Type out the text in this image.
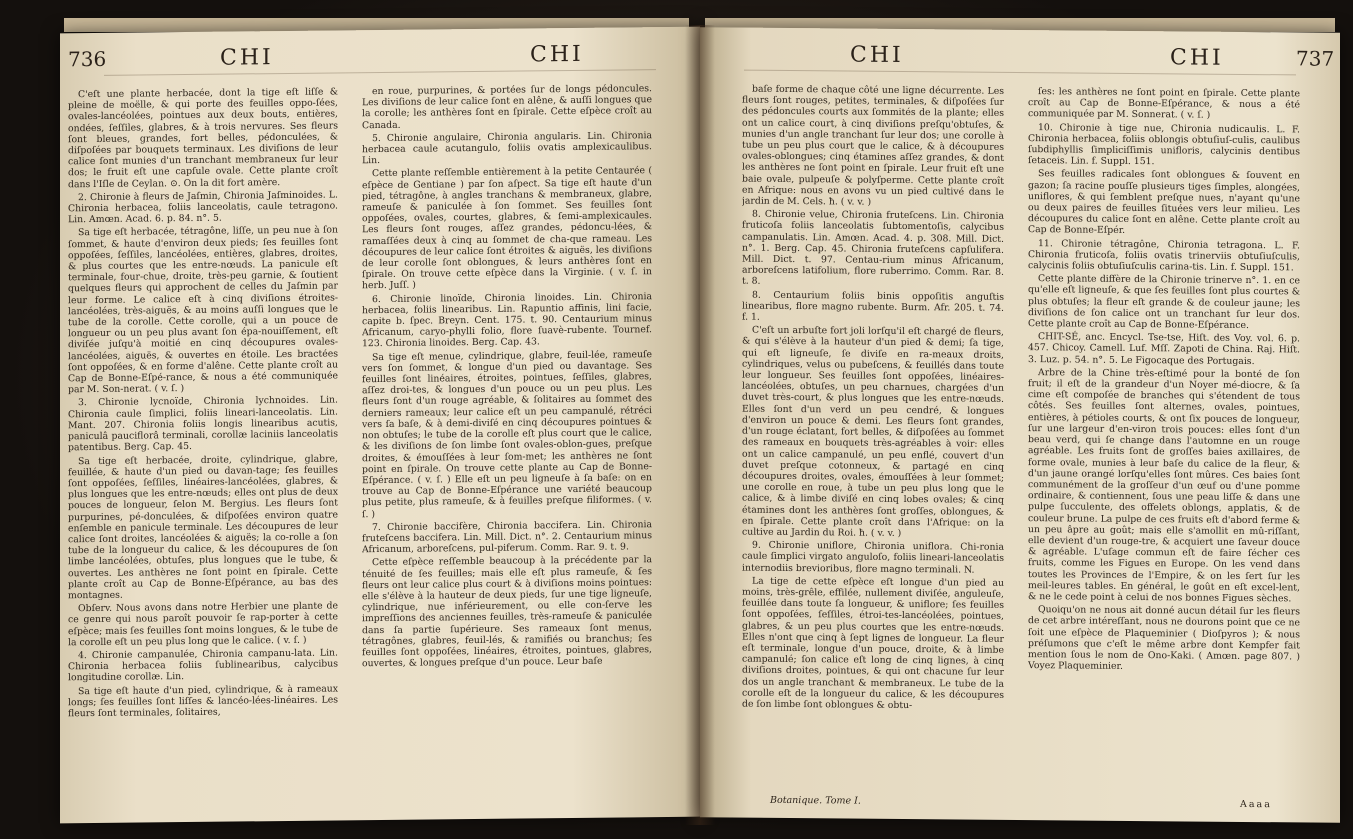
736	CHI	CHI

C'eſt une plante herbacée, dont la tige eſt liſſe & pleine de moëlle, & qui porte des feuilles oppo-ſées, ovales-lancéolées, pointues aux deux bouts, entières, ondées, ſeſſiles, glabres, & à trois nervures. Ses fleurs ſont bleues, grandes, fort belles, pédonculées, & diſpoſées par bouquets terminaux. Les diviſions de leur calice ſont munies d'un tranchant membraneux ſur leur dos; le fruit eſt une capſule ovale. Cette plante croît dans l'Iſle de Ceylan. ⊙. On la dit fort amère.

2. Chironie à fleurs de Jaſmin, Chironia Jaſminoides. L. Chironia herbacea, foliis lanceolatis, caule tetragono. Lin. Amœn. Acad. 6. p. 84. n°. 5.

Sa tige eſt herbacée, tétragône, liſſe, un peu nue à ſon ſommet, & haute d'environ deux pieds; ſes feuilles ſont oppoſées, ſeſſiles, lancéolées, entières, glabres, droites, & plus courtes que les entre-nœuds. La panicule eſt terminale, four-chue, droite, très-peu garnie, & ſoutient quelques fleurs qui approchent de celles du Jaſmin par leur forme. Le calice eſt à cinq diviſions étroites-lancéolées, très-aiguës, & au moins auſſi longues que le tube de la corolle. Cette corolle, qui a un pouce de longueur ou un peu plus avant ſon épa-nouiſſement, eſt diviſée juſqu'à moitié en cinq découpures ovales-lancéolées, aiguës, & ouvertes en étoile. Les bractées ſont oppoſées, & en forme d'alêne. Cette plante croît au Cap de Bonne-Eſpé-rance, & nous a été communiquée par M. Son-nerat. ( v. ſ. )

3. Chironie lycnoïde, Chironia lychnoides. Lin. Chironia caule ſimplici, foliis lineari-lanceolatis. Lin. Mant. 207. Chironia foliis longis linearibus acutis, paniculâ pauciflorâ terminali, corollæ laciniis lanceolatis patentibus. Berg. Cap. 45.

Sa tige eſt herbacée, droite, cylindrique, glabre, feuillée, & haute d'un pied ou davan-tage; ſes feuilles ſont oppoſées, ſeſſiles, linéaires-lancéolées, glabres, & plus longues que les entre-nœuds; elles ont plus de deux pouces de longueur, ſelon M. Bergius. Les fleurs ſont purpurines, pé-donculées, & diſpoſées environ quatre enſemble en panicule terminale. Les découpures de leur calice ſont droites, lancéolées & aiguës; la co-rolle a ſon tube de la longueur du calice, & les découpures de ſon limbe lancéolées, obtuſes, plus longues que le tube, & ouvertes. Les anthères ne ſont point en ſpirale. Cette plante croît au Cap de Bonne-Eſpérance, au bas des montagnes.

Obſerv. Nous avons dans notre Herbier une plante de ce genre qui nous paroît pouvoir ſe rap-porter à cette eſpèce; mais ſes feuilles ſont moins longues, & le tube de la corolle eſt un peu plus long que le calice. ( v. ſ. )

4. Chironie campanulée, Chironia campanu-lata. Lin. Chironia herbacea foliis ſublinearibus, calycibus longitudine corollæ. Lin.

Sa tige eſt haute d'un pied, cylindrique, & à rameaux longs; ſes feuilles ſont liſſes & lancéo-lées-linéaires. Les fleurs ſont terminales, ſolitaires,

en roue, purpurines, & portées ſur de longs pédoncules. Les diviſions de leur calice ſont en alêne, & auſſi longues que la corolle; les anthères ſont en ſpirale. Cette eſpèce croît au Canada.

5. Chironie angulaire, Chironia angularis. Lin. Chironia herbacea caule acutangulo, foliis ovatis amplexicaulibus. Lin.

Cette plante reſſemble entièrement à la petite Centaurée ( eſpèce de Gentiane ) par ſon aſpect. Sa tige eſt haute d'un pied, tétragône, à angles tranchans & membraneux, glabre, rameuſe & paniculée à ſon ſommet. Ses feuilles ſont oppoſées, ovales, courtes, glabres, & ſemi-amplexicaules. Les fleurs ſont rouges, aſſez grandes, pédoncu-lées, & ramaſſées deux à cinq au ſommet de cha-que rameau. Les découpures de leur calice ſont étroites & aiguës, les diviſions de leur corolle ſont oblongues, & leurs anthères ſont en ſpirale. On trouve cette eſpèce dans la Virginie. ( v. ſ. in herb. Juſſ. )

6. Chironie linoïde, Chironia linoides. Lin. Chironia herbacea, foliis linearibus. Lin. Rapuntio affinis, lini facie, capite b. ſpec. Breyn. Cent. 175. t. 90. Centaurium minus Africanum, caryo-phylli folio, flore ſuavè-rubente. Tournef. 123. Chironia linoides. Berg. Cap. 43.

Sa tige eſt menue, cylindrique, glabre, feuil-lée, rameuſe vers ſon ſommet, & longue d'un pied ou davantage. Ses feuilles ſont linéaires, étroites, pointues, ſeſſiles, glabres, aſſez droi-tes, & longues d'un pouce ou un peu plus. Les fleurs ſont d'un rouge agréable, & ſolitaires au ſommet des derniers rameaux; leur calice eſt un peu campanulé, rétréci vers ſa baſe, & à demi-diviſé en cinq découpures pointues & non obtuſes; le tube de la corolle eſt plus court que le calice, & les diviſions de ſon limbe ſont ovales-oblon-gues, preſque droites, & émouſſées à leur ſom-met; les anthères ne ſont point en ſpirale. On trouve cette plante au Cap de Bonne-Eſpérance. ( v. ſ. ) Elle eſt un peu ligneuſe à ſa baſe: on en trouve au Cap de Bonne-Eſpérance une variété beaucoup plus petite, plus rameuſe, & à feuilles preſque filiformes. ( v. ſ. )

7. Chironie baccifère, Chironia baccifera. Lin. Chironia fruteſcens baccifera. Lin. Mill. Dict. n°. 2. Centaurium minus Africanum, arboreſcens, pul-piferum. Comm. Rar. 9. t. 9.

Cette eſpèce reſſemble beaucoup à la précédente par la ténuité de ſes feuilles; mais elle eſt plus rameuſe, & ſes fleurs ont leur calice plus court & à diviſions moins pointues: elle s'élève à la hauteur de deux pieds, ſur une tige ligneuſe, cylindrique, nue inférieurement, ou elle con-ſerve les impreſſions des anciennes feuilles, très-rameuſe & paniculée dans ſa partie ſupérieure. Ses rameaux ſont menus, tétragônes, glabres, feuil-lés, & ramifiés ou branchus; ſes feuilles ſont oppoſées, linéaires, étroites, pointues, glabres, ouvertes, & longues preſque d'un pouce. Leur baſe

CHI	CHI	737

baſe forme de chaque côté une ligne décurrente. Les fleurs ſont rouges, petites, terminales, & diſpoſées ſur des pédoncules courts aux ſommités de la plante; elles ont un calice court, à cinq diviſions preſqu'obtuſes, & munies d'un angle tranchant ſur leur dos; une corolle à tube un peu plus court que le calice, & à découpures ovales-oblongues; cinq étamines aſſez grandes, & dont les anthères ne ſont point en ſpirale. Leur fruit eſt une baie ovale, pulpeuſe & polyſperme. Cette plante croît en Afrique: nous en avons vu un pied cultivé dans le jardin de M. Cels. ħ. ( v. v. )

8. Chironie velue, Chironia fruteſcens. Lin. Chironia fruticoſa foliis lanceolatis ſubtomentoſis, calycibus campanulatis. Lin. Amœn. Acad. 4. p. 308. Mill. Dict. n°. 1. Berg. Cap. 45. Chironia fruteſcens capſulifera. Mill. Dict. t. 97. Centau-rium minus Africanum, arboreſcens latifolium, flore ruberrimo. Comm. Rar. 8. t. 8.

8. Centaurium foliis binis oppoſitis anguſtis linearibus, flore magno rubente. Burm. Afr. 205. t. 74. f. 1.

C'eſt un arbuſte fort joli lorſqu'il eſt chargé de fleurs, & qui s'élève à la hauteur d'un pied & demi; ſa tige, qui eſt ligneuſe, ſe diviſe en ra-meaux droits, cylindriques, velus ou pubeſcens, & feuillés dans toute leur longueur. Ses feuilles ſont oppoſées, linéaires-lancéolées, obtuſes, un peu charnues, chargées d'un duvet très-court, & plus longues que les entre-nœuds. Elles ſont d'un verd un peu cendré, & longues d'environ un pouce & demi. Les fleurs ſont grandes, d'un rouge éclatant, fort belles, & diſpoſées au ſommet des rameaux en bouquets très-agréables à voir: elles ont un calice campanulé, un peu enflé, couvert d'un duvet preſque cotonneux, & partagé en cinq découpures droites, ovales, émouſſées à leur ſommet; une corolle en roue, à tube un peu plus long que le calice, & à limbe diviſé en cinq lobes ovales; & cinq étamines dont les anthères ſont groſſes, oblongues, & en ſpirale. Cette plante croît dans l'Afrique: on la cultive au Jardin du Roi. ħ. ( v. v. )

9. Chironie uniflore, Chironia uniflora. Chi-ronia caule ſimplici virgato anguloſo, foliis lineari-lanceolatis internodiis brevioribus, flore magno terminali. N.

La tige de cette eſpèce eſt longue d'un pied au moins, très-grêle, effilée, nullement diviſée, anguleuſe, feuillée dans toute ſa longueur, & uniflore; ſes feuilles ſont oppoſées, ſeſſiles, étroi-tes-lancéolées, pointues, glabres, & un peu plus courtes que les entre-nœuds. Elles n'ont que cinq à ſept lignes de longueur. La fleur eſt terminale, longue d'un pouce, droite, & à limbe campanulé; ſon calice eſt long de cinq lignes, à cinq diviſions droites, pointues, & qui ont chacune ſur leur dos un angle tranchant & membraneux. Le tube de la corolle eſt de la longueur du calice, & les découpures de ſon limbe ſont oblongues & obtu-

ſes: les anthères ne ſont point en ſpirale. Cette plante croît au Cap de Bonne-Eſpérance, & nous a été communiquée par M. Sonnerat. ( v. ſ. )

10. Chironie à tige nue, Chironia nudicaulis. L. F. Chironia herbacea, foliis oblongis obtuſiuſ-culis, caulibus ſubdiphyllis ſimpliciſſimis unifloris, calycinis dentibus ſetaceis. Lin. f. Suppl. 151.

Ses feuilles radicales ſont oblongues & ſouvent en gazon; ſa racine pouſſe plusieurs tiges ſimples, alongées, uniflores, & qui ſemblent preſque nues, n'ayant qu'une ou deux paires de feuilles ſituées vers leur milieu. Les découpures du calice ſont en alêne. Cette plante croît au Cap de Bonne-Eſpér.

11. Chironie tétragône, Chironia tetragona. L. F. Chironia fruticoſa, foliis ovatis trinerviis obtuſiuſculis, calycinis foliis obtuſiuſculis carina-tis. Lin. f. Suppl. 151.

Cette plante diffère de la Chironie trinerve n°. 1. en ce qu'elle eſt ligneuſe, & que ſes feuilles ſont plus courtes & plus obtuſes; la fleur eſt grande & de couleur jaune; les diviſions de ſon calice ont un tranchant ſur leur dos. Cette plante croît au Cap de Bonne-Eſpérance.

CHIT-SÉ, anc. Encycl. Tse-tse, Hiſt. des Voy. vol. 6. p. 457. Chicoy. Camell. Luf. Mſſ. Zapoti de China. Raj. Hiſt. 3. Luz. p. 54. n°. 5. Le Figocaque des Portugais.

Arbre de la Chine très-eſtimé pour la bonté de ſon fruit; il eſt de la grandeur d'un Noyer mé-diocre, & ſa cime eſt compoſée de branches qui s'étendent de tous côtés. Ses feuilles ſont alternes, ovales, pointues, entières, à pétioles courts, & ont ſix pouces de longueur, ſur une largeur d'en-viron trois pouces: elles ſont d'un beau verd, qui ſe change dans l'automne en un rouge agréable. Les fruits ſont de groſſes baies axillaires, de forme ovale, munies à leur baſe du calice de la fleur, & d'un jaune orangé lorſqu'elles ſont mûres. Ces baies ſont communément de la groſſeur d'un œuf ou d'une pomme ordinaire, & contiennent, ſous une peau liſſe & dans une pulpe ſucculente, des offelets oblongs, applatis, & de couleur brune. La pulpe de ces fruits eſt d'abord ferme & un peu âpre au goût; mais elle s'amollit en mû-riſſant, elle devient d'un rouge-tre, & acquiert une ſaveur douce & agréable. L'uſage commun eſt de faire ſécher ces fruits, comme les Figues en Europe. On les vend dans toutes les Provinces de l'Empire, & on les ſert ſur les meil-leures tables. En général, le goût en eſt excel-lent, & ne le cede point à celui de nos bonnes Figues sèches.

Quoiqu'on ne nous ait donné aucun détail ſur les fleurs de cet arbre intéreſſant, nous ne dourons point que ce ne ſoit une eſpèce de Plaqueminier ( Dioſpyros ); & nous préſumons que c'eſt le même arbre dont Kempfer fait mention ſous le nom de Ono-Kaki. ( Amœn. page 807. ) Voyez Plaqueminier.

Botanique. Tome I.	Aaaa
